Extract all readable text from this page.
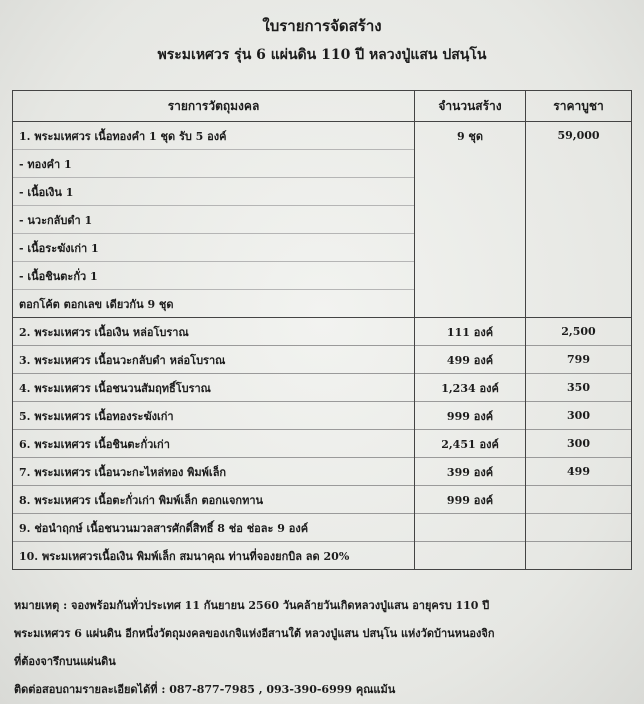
ใบรายการจัดสร้าง
พระมเหศวร รุ่น 6 แผ่นดิน 110 ปี หลวงปู่แสน ปสนฺโน
รายการวัตถุมงคล	จำนวนสร้าง	ราคาบูชา
1. พระมเหศวร เนื้อทองคำ 1 ชุด รับ 5 องค์	9 ชุด	59,000
- ทองคำ 1		
- เนื้อเงิน 1		
- นวะกลับดำ 1		
- เนื้อระฆังเก่า 1		
- เนื้อชินตะกั่ว 1		
ตอกโค้ต ตอกเลข เดียวกัน 9 ชุด		
2. พระมเหศวร เนื้อเงิน หล่อโบราณ	111 องค์	2,500
3. พระมเหศวร เนื้อนวะกลับดำ หล่อโบราณ	499 องค์	799
4. พระมเหศวร เนื้อชนวนสัมฤทธิ์โบราณ	1,234 องค์	350
5. พระมเหศวร เนื้อทองระฆังเก่า	999 องค์	300
6. พระมเหศวร เนื้อชินตะกั่วเก่า	2,451 องค์	300
7. พระมเหศวร เนื้อนวะกะไหล่ทอง พิมพ์เล็ก	399 องค์	499
8. พระมเหศวร เนื้อตะกั่วเก่า พิมพ์เล็ก ตอกแจกทาน	999 องค์	
9. ช่อนำฤกษ์ เนื้อชนวนมวลสารศักดิ์สิทธิ์ 8 ช่อ ช่อละ 9 องค์		
10. พระมเหศวรเนื้อเงิน พิมพ์เล็ก สมนาคุณ ท่านที่จองยกบิล ลด 20%		
หมายเหตุ : จองพร้อมกันทั่วประเทศ 11 กันยายน 2560 วันคล้ายวันเกิดหลวงปู่แสน อายุครบ 110 ปี
พระมเหศวร 6 แผ่นดิน อีกหนึ่งวัตถุมงคลของเกจิแห่งอีสานใต้ หลวงปู่แสน ปสนฺโน แห่งวัดบ้านหนองจิก
ที่ต้องจารึกบนแผ่นดิน
ติดต่อสอบถามรายละเอียดได้ที่ : 087-877-7985 , 093-390-6999 คุณแม้น
